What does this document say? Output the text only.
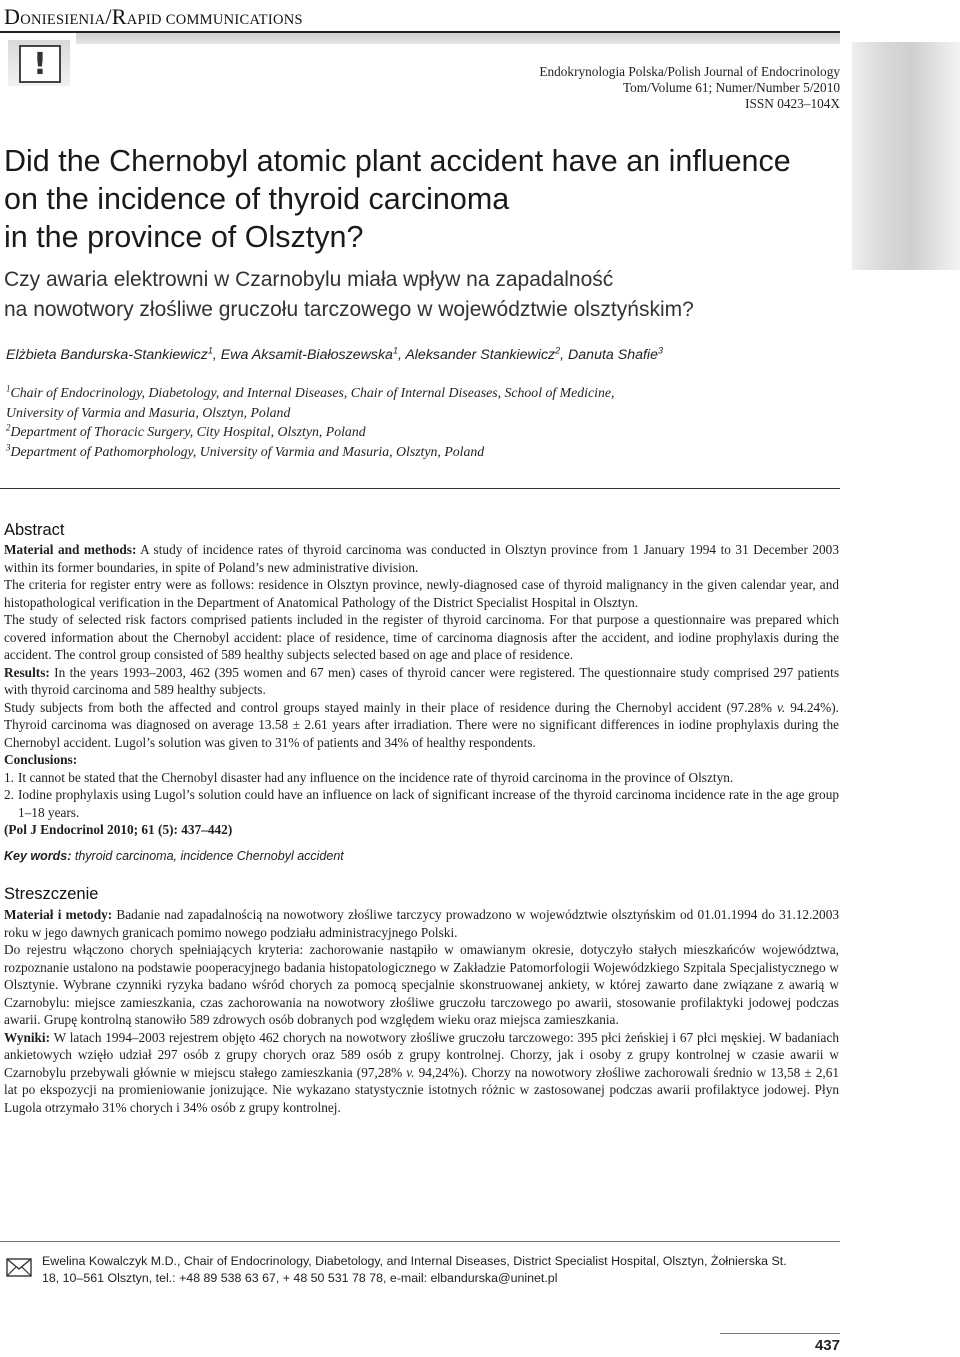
DONIESIENIA/RAPID COMMUNICATIONS
!	Endokrynologia Polska/Polish Journal of Endocrinology
Tom/Volume 61; Numer/Number 5/2010
ISSN 0423–104X
Did the Chernobyl atomic plant accident have an influence
on the incidence of thyroid carcinoma
in the province of Olsztyn?
Czy awaria elektrowni w Czarnobylu miała wpływ na zapadalność
na nowotwory złośliwe gruczołu tarczowego w województwie olsztyńskim?
Elżbieta Bandurska-Stankiewicz$^1$, Ewa Aksamit-Białoszewska$^1$, Aleksander Stankiewicz$^2$, Danuta Shafie$^3$

$^1$Chair of Endocrinology, Diabetology, and Internal Diseases, Chair of Internal Diseases, School of Medicine,

University of Varmia and Masuria, Olsztyn, Poland

$^2$Department of Thoracic Surgery, City Hospital, Olsztyn, Poland

$^3$Department of Pathomorphology, University of Varmia and Masuria, Olsztyn, Poland

Abstract

Material and methods: A study of incidence rates of thyroid carcinoma was conducted in Olsztyn province from 1 January 1994 to 31 December 2003 within its former boundaries, in spite of Poland’s new administrative division.

The criteria for register entry were as follows: residence in Olsztyn province, newly-diagnosed case of thyroid malignancy in the given calendar year, and histopathological verification in the Department of Anatomical Pathology of the District Specialist Hospital in Olsztyn.

The study of selected risk factors comprised patients included in the register of thyroid carcinoma. For that purpose a questionnaire was prepared which covered information about the Chernobyl accident: place of residence, time of carcinoma diagnosis after the accident, and iodine prophylaxis during the accident. The control group consisted of 589 healthy subjects selected based on age and place of residence.

Results: In the years 1993–2003, 462 (395 women and 67 men) cases of thyroid cancer were registered. The questionnaire study comprised 297 patients with thyroid carcinoma and 589 healthy subjects.

Study subjects from both the affected and control groups stayed mainly in their place of residence during the Chernobyl accident (97.28% v. 94.24%). Thyroid carcinoma was diagnosed on average 13.58 ± 2.61 years after irradiation. There were no significant differences in iodine prophylaxis during the Chernobyl accident. Lugol’s solution was given to 31% of patients and 34% of healthy respondents.

Conclusions:

1. It cannot be stated that the Chernobyl disaster had any influence on the incidence rate of thyroid carcinoma in the province of Olsztyn.
2. Iodine prophylaxis using Lugol’s solution could have an influence on lack of significant increase of the thyroid carcinoma incidence rate in the age group 1–18 years.

(Pol J Endocrinol 2010; 61 (5): 437–442)

Key words: thyroid carcinoma, incidence Chernobyl accident
Streszczenie

Materiał i metody: Badanie nad zapadalnością na nowotwory złośliwe tarczycy prowadzono w województwie olsztyńskim od 01.01.1994 do 31.12.2003 roku w jego dawnych granicach pomimo nowego podziału administracyjnego Polski.

Do rejestru włączono chorych spełniających kryteria: zachorowanie nastąpiło w omawianym okresie, dotyczyło stałych mieszkańców województwa, rozpoznanie ustalono na podstawie pooperacyjnego badania histopatologicznego w Zakładzie Patomorfologii Wojewódzkiego Szpitala Specjalistycznego w Olsztynie. Wybrane czynniki ryzyka badano wśród chorych za pomocą specjalnie skonstruowanej ankiety, w której zawarto dane związane z awarią w Czarnobylu: miejsce zamieszkania, czas zachorowania na nowotwory złośliwe gruczołu tarczowego po awarii, stosowanie profilaktyki jodowej podczas awarii. Grupę kontrolną stanowiło 589 zdrowych osób dobranych pod względem wieku oraz miejsca zamieszkania.

Wyniki: W latach 1994–2003 rejestrem objęto 462 chorych na nowotwory złośliwe gruczołu tarczowego: 395 płci żeńskiej i 67 płci męskiej. W badaniach ankietowych wzięło udział 297 osób z grupy chorych oraz 589 osób z grupy kontrolnej. Chorzy, jak i osoby z grupy kontrolnej w czasie awarii w Czarnobylu przebywali głównie w miejscu stałego zamieszkania (97,28% v. 94,24%). Chorzy na nowotwory złośliwe zachorowali średnio w 13,58 ± 2,61 lat po ekspozycji na promieniowanie jonizujące. Nie wykazano statystycznie istotnych różnic w zastosowanej podczas awarii profilaktyce jodowej. Płyn Lugola otrzymało 31% chorych i 34% osób z grupy kontrolnej.

Ewelina Kowalczyk M.D., Chair of Endocrinology, Diabetology, and Internal Diseases, District Specialist Hospital, Olsztyn, Żołnierska St.
18, 10–561 Olsztyn, tel.: +48 89 538 63 67, + 48 50 531 78 78, e-mail: elbandurska@uninet.pl
437
